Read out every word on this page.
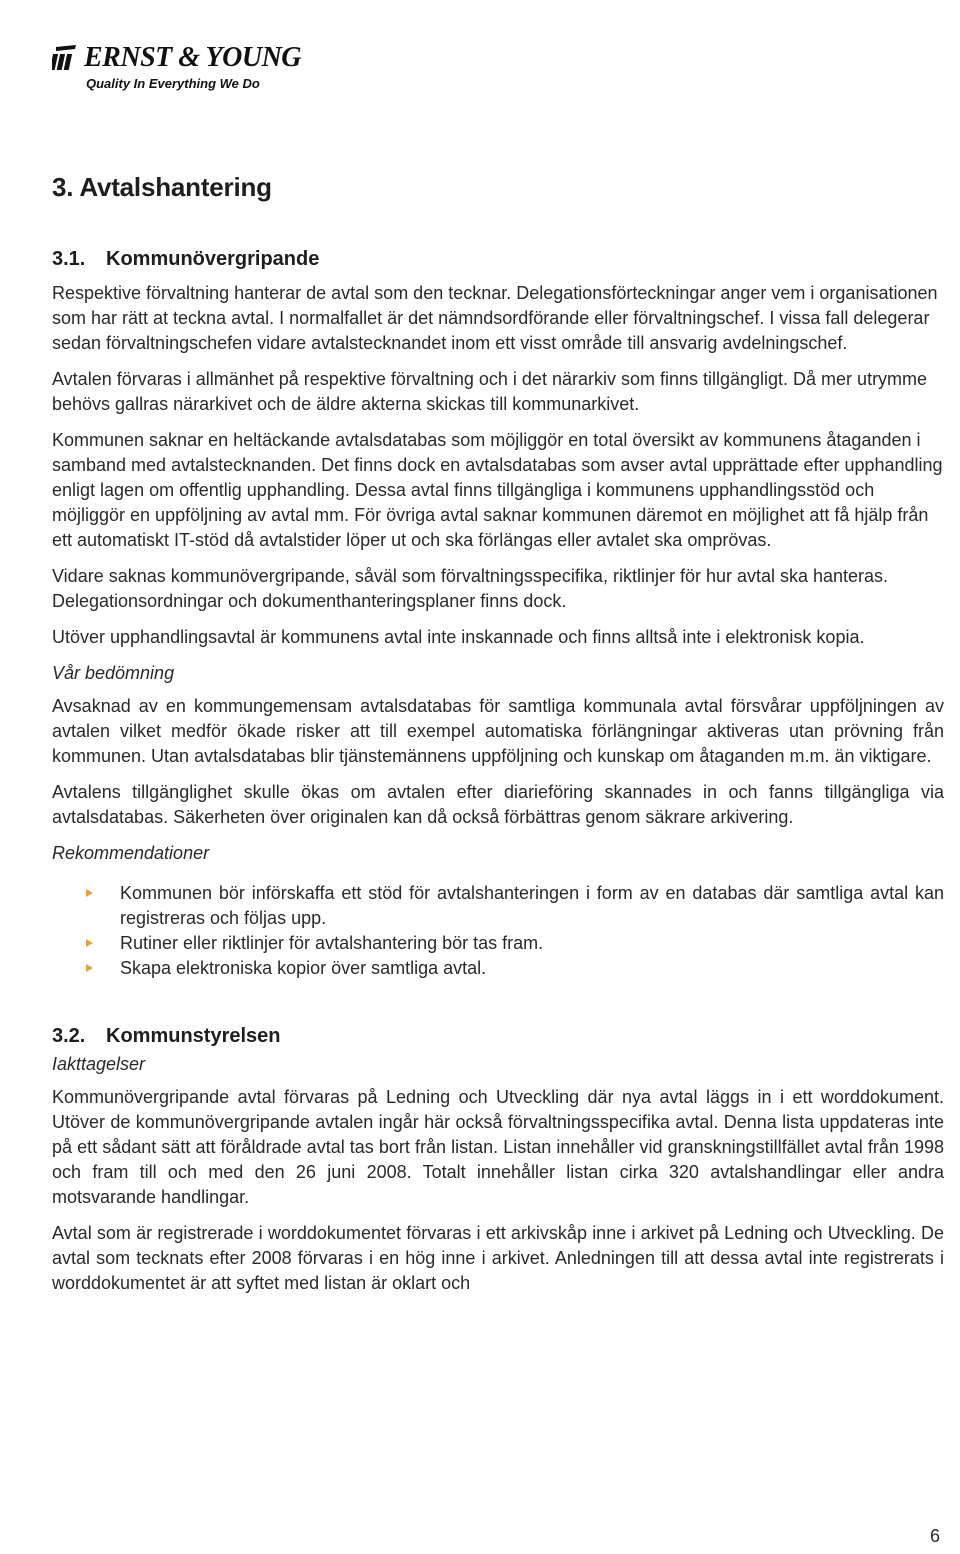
ERNST & YOUNG
Quality In Everything We Do
3. Avtalshantering
3.1. Kommunövergripande

Respektive förvaltning hanterar de avtal som den tecknar. Delegationsförteckningar anger vem i organisationen som har rätt at teckna avtal. I normalfallet är det nämndsordförande eller förvaltningschef. I vissa fall delegerar sedan förvaltningschefen vidare avtalstecknandet inom ett visst område till ansvarig avdelningschef.

Avtalen förvaras i allmänhet på respektive förvaltning och i det närarkiv som finns tillgängligt. Då mer utrymme behövs gallras närarkivet och de äldre akterna skickas till kommunarkivet.

Kommunen saknar en heltäckande avtalsdatabas som möjliggör en total översikt av kommunens åtaganden i samband med avtalstecknanden. Det finns dock en avtalsdatabas som avser avtal upprättade efter upphandling enligt lagen om offentlig upphandling. Dessa avtal finns tillgängliga i kommunens upphandlingsstöd och möjliggör en uppföljning av avtal mm. För övriga avtal saknar kommunen däremot en möjlighet att få hjälp från ett automatiskt IT-stöd då avtalstider löper ut och ska förlängas eller avtalet ska omprövas.

Vidare saknas kommunövergripande, såväl som förvaltningsspecifika, riktlinjer för hur avtal ska hanteras. Delegationsordningar och dokumenthanteringsplaner finns dock.

Utöver upphandlingsavtal är kommunens avtal inte inskannade och finns alltså inte i elektronisk kopia.

Vår bedömning

Avsaknad av en kommungemensam avtalsdatabas för samtliga kommunala avtal försvårar uppföljningen av avtalen vilket medför ökade risker att till exempel automatiska förlängningar aktiveras utan prövning från kommunen. Utan avtalsdatabas blir tjänstemännens uppföljning och kunskap om åtaganden m.m. än viktigare.

Avtalens tillgänglighet skulle ökas om avtalen efter diarieföring skannades in och fanns tillgängliga via avtalsdatabas. Säkerheten över originalen kan då också förbättras genom säkrare arkivering.

Rekommendationer
Kommunen bör införskaffa ett stöd för avtalshanteringen i form av en databas där samtliga avtal kan registreras och följas upp.
Rutiner eller riktlinjer för avtalshantering bör tas fram.
Skapa elektroniska kopior över samtliga avtal.
3.2. Kommunstyrelsen
Iakttagelser

Kommunövergripande avtal förvaras på Ledning och Utveckling där nya avtal läggs in i ett worddokument. Utöver de kommunövergripande avtalen ingår här också förvaltningsspecifika avtal. Denna lista uppdateras inte på ett sådant sätt att föråldrade avtal tas bort från listan. Listan innehåller vid granskningstillfället avtal från 1998 och fram till och med den 26 juni 2008. Totalt innehåller listan cirka 320 avtalshandlingar eller andra motsvarande handlingar.

Avtal som är registrerade i worddokumentet förvaras i ett arkivskåp inne i arkivet på Ledning och Utveckling. De avtal som tecknats efter 2008 förvaras i en hög inne i arkivet. Anledningen till att dessa avtal inte registrerats i worddokumentet är att syftet med listan är oklart och

6
